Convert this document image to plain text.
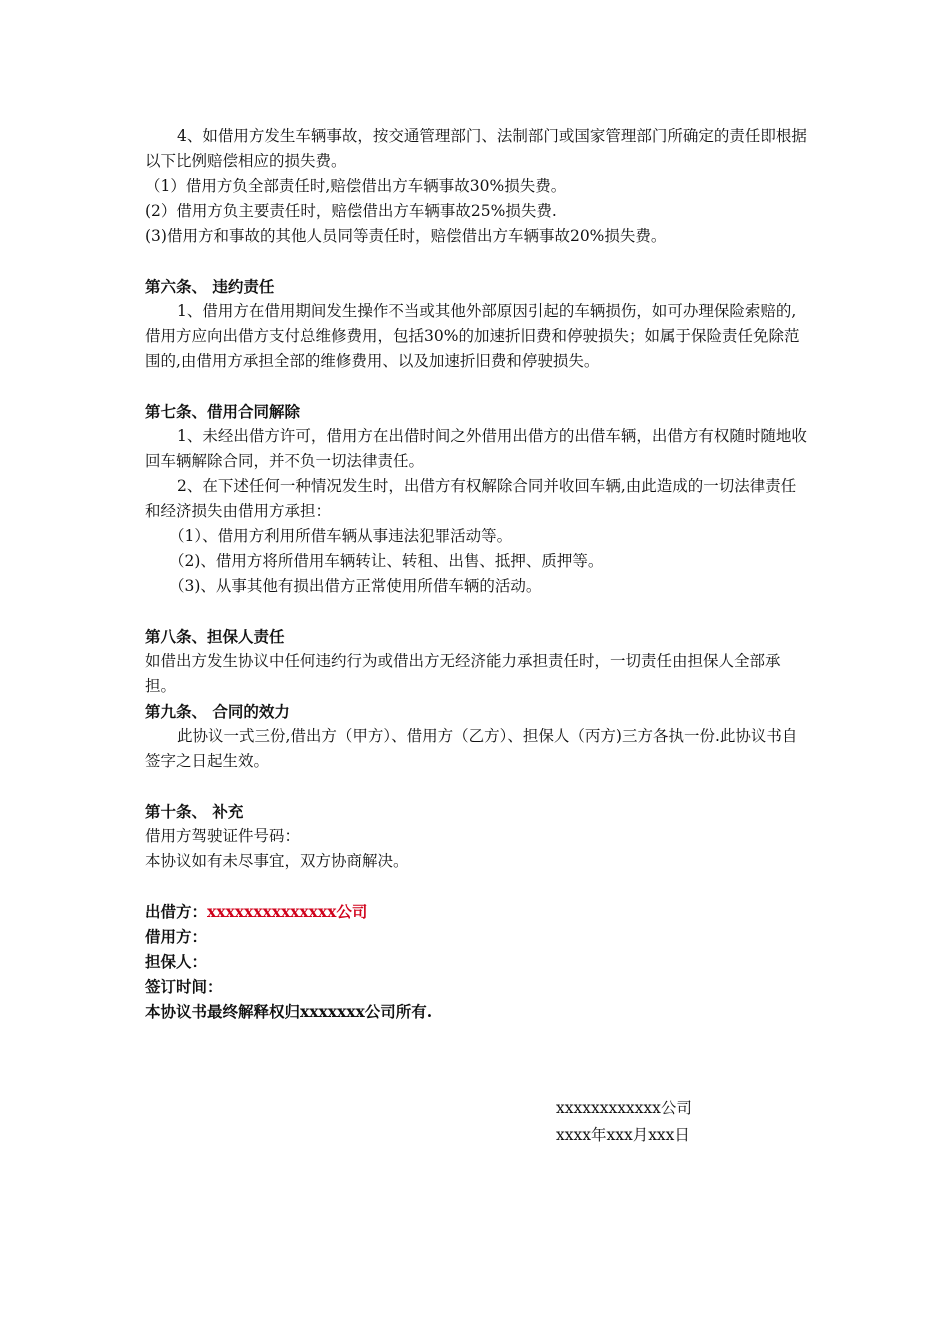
4、如借用方发生车辆事故，按交通管理部门、法制部门或国家管理部门所确定的责任即根据以下比例赔偿相应的损失费。

（1）借用方负全部责任时,赔偿借出方车辆事故30%损失费。

(2）借用方负主要责任时，赔偿借出方车辆事故25%损失费.

(3)借用方和事故的其他人员同等责任时，赔偿借出方车辆事故20%损失费。

第六条、 违约责任

1、借用方在借用期间发生操作不当或其他外部原因引起的车辆损伤，如可办理保险索赔的,借用方应向出借方支付总维修费用，包括30%的加速折旧费和停驶损失；如属于保险责任免除范围的,由借用方承担全部的维修费用、以及加速折旧费和停驶损失。

第七条、借用合同解除

1、未经出借方许可，借用方在出借时间之外借用出借方的出借车辆，出借方有权随时随地收回车辆解除合同，并不负一切法律责任。

2、在下述任何一种情况发生时，出借方有权解除合同并收回车辆,由此造成的一切法律责任和经济损失由借用方承担：

（1）、借用方利用所借车辆从事违法犯罪活动等。

（2)、借用方将所借用车辆转让、转租、出售、抵押、质押等。

（3)、从事其他有损出借方正常使用所借车辆的活动。

第八条、担保人责任

如借出方发生协议中任何违约行为或借出方无经济能力承担责任时，一切责任由担保人全部承担。

第九条、 合同的效力

此协议一式三份,借出方（甲方）、借用方（乙方）、担保人（丙方)三方各执一份.此协议书自签字之日起生效。

第十条、 补充

借用方驾驶证件号码：

本协议如有未尽事宜，双方协商解决。

出借方：xxxxxxxxxxxxxx公司

借用方：

担保人：

签订时间：

本协议书最终解释权归xxxxxxx公司所有.

xxxxxxxxxxxx公司

xxxx年xxx月xxx日
